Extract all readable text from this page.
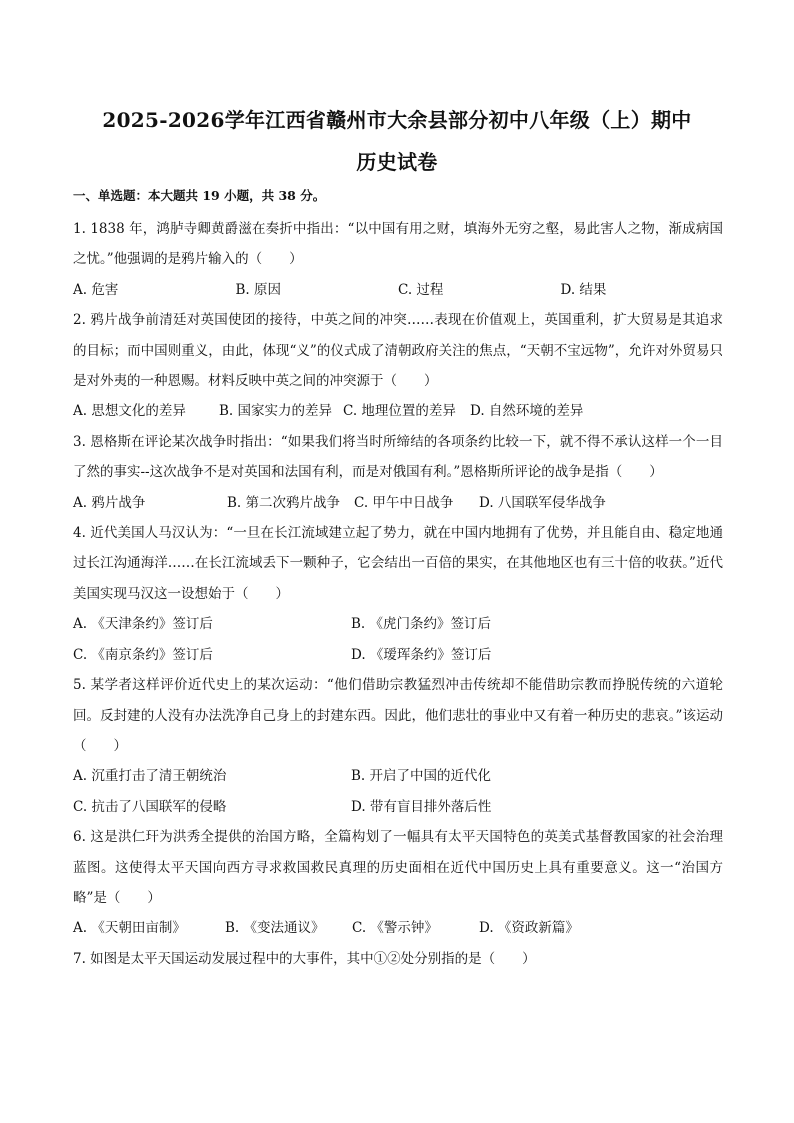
2025-2026学年江西省赣州市大余县部分初中八年级（上）期中
历史试卷
一、单选题：本大题共 19 小题，共 38 分。
1. 1838 年，鸿胪寺卿黄爵滋在奏折中指出：“以中国有用之财，填海外无穷之壑，易此害人之物，渐成病国之忧。”他强调的是鸦片输入的（　　）
A. 危害	B. 原因	C. 过程	D. 结果
2. 鸦片战争前清廷对英国使团的接待，中英之间的冲突……表现在价值观上，英国重利，扩大贸易是其追求的目标；而中国则重义，由此，体现“义”的仪式成了清朝政府关注的焦点，“天朝不宝远物”，允许对外贸易只是对外夷的一种恩赐。材料反映中英之间的冲突源于（　　）
A. 思想文化的差异	B. 国家实力的差异 C. 地理位置的差异	D. 自然环境的差异
3. 恩格斯在评论某次战争时指出：“如果我们将当时所缔结的各项条约比较一下，就不得不承认这样一个一目了然的事实--这次战争不是对英国和法国有利，而是对俄国有利。”恩格斯所评论的战争是指（　　）
A. 鸦片战争	B. 第二次鸦片战争	C. 甲午中日战争	D. 八国联军侵华战争
4. 近代美国人马汉认为：“一旦在长江流域建立起了势力，就在中国内地拥有了优势，并且能自由、稳定地通过长江沟通海洋……在长江流域丢下一颗种子，它会结出一百倍的果实，在其他地区也有三十倍的收获。”近代美国实现马汉这一设想始于（　　）
A. 《天津条约》签订后	B. 《虎门条约》签订后
C. 《南京条约》签订后	D. 《瑷珲条约》签订后
5. 某学者这样评价近代史上的某次运动：“他们借助宗教猛烈冲击传统却不能借助宗教而挣脱传统的六道轮回。反封建的人没有办法洗净自己身上的封建东西。因此，他们悲壮的事业中又有着一种历史的悲哀。”该运动（　　）
A. 沉重打击了清王朝统治	B. 开启了中国的近代化
C. 抗击了八国联军的侵略	D. 带有盲目排外落后性
6. 这是洪仁玕为洪秀全提供的治国方略，全篇构划了一幅具有太平天国特色的英美式基督教国家的社会治理蓝图。这使得太平天国向西方寻求救国救民真理的历史面相在近代中国历史上具有重要意义。这一“治国方略”是（　　）
A. 《天朝田亩制》	B. 《变法通议》	C. 《警示钟》	D. 《资政新篇》
7. 如图是太平天国运动发展过程中的大事件，其中①②处分别指的是（　　）
